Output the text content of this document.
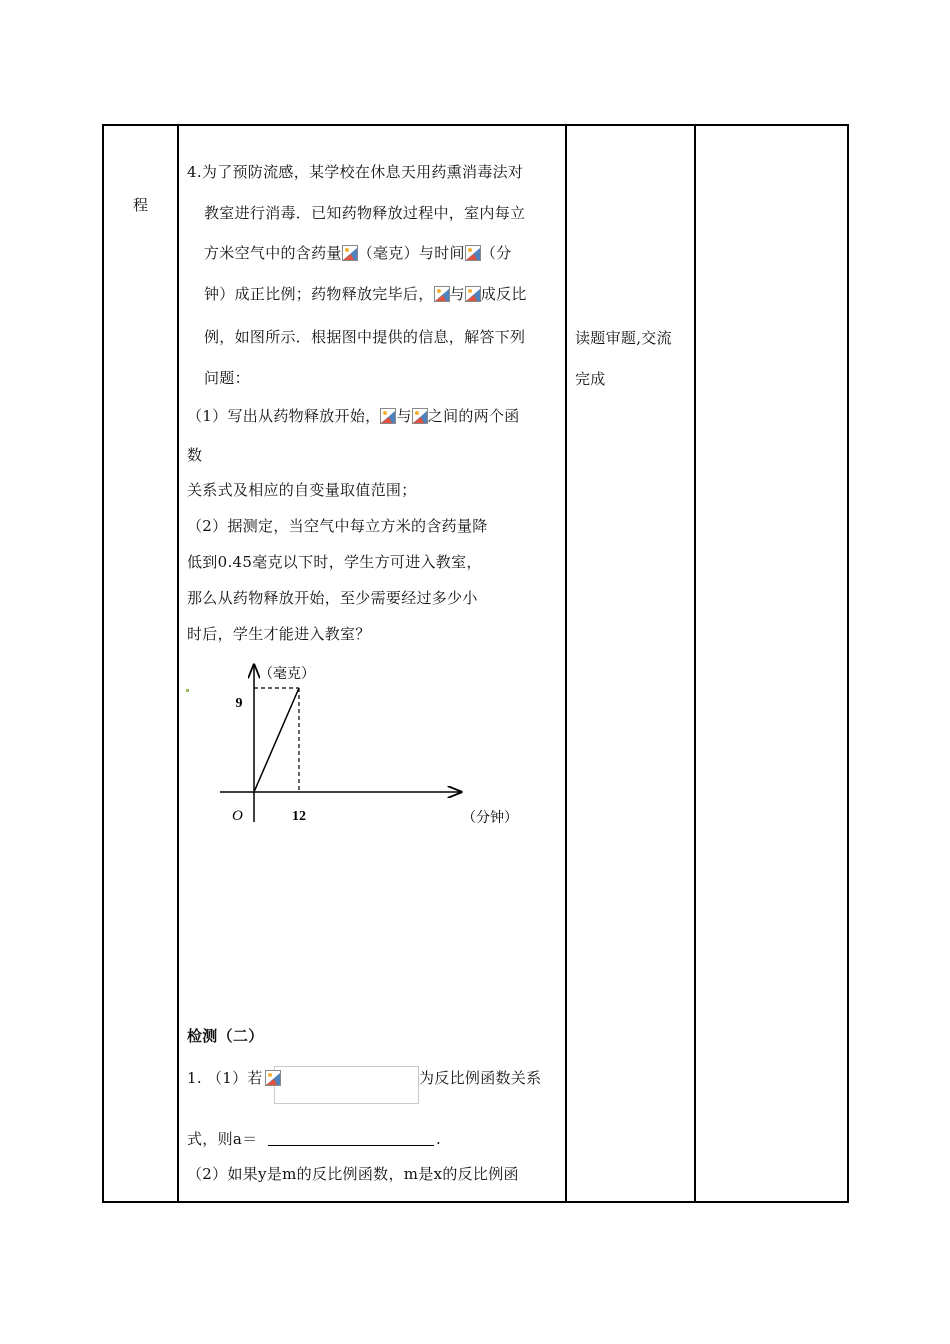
程
4.为了预防流感，某学校在休息天用药熏消毒法对
教室进行消毒．已知药物释放过程中，室内每立
方米空气中的含药量 （毫克）与时间 （分
钟）成正比例；药物释放完毕后， 与 成反比
例，如图所示．根据图中提供的信息，解答下列
问题：
（1）写出从药物释放开始， 与 之间的两个函
数
关系式及相应的自变量取值范围；
（2）据测定，当空气中每立方米的含药量降
低到0.45毫克以下时，学生方可进入教室，
那么从药物释放开始，至少需要经过多少小
时后，学生才能进入教室？
9
12
O
（毫克）
（分钟）
检测（二）
1. （1）若	为反比例函数关系
式，则a＝	.
（2）如果y是m的反比例函数，m是x的反比例函
读题审题,交流
完成
